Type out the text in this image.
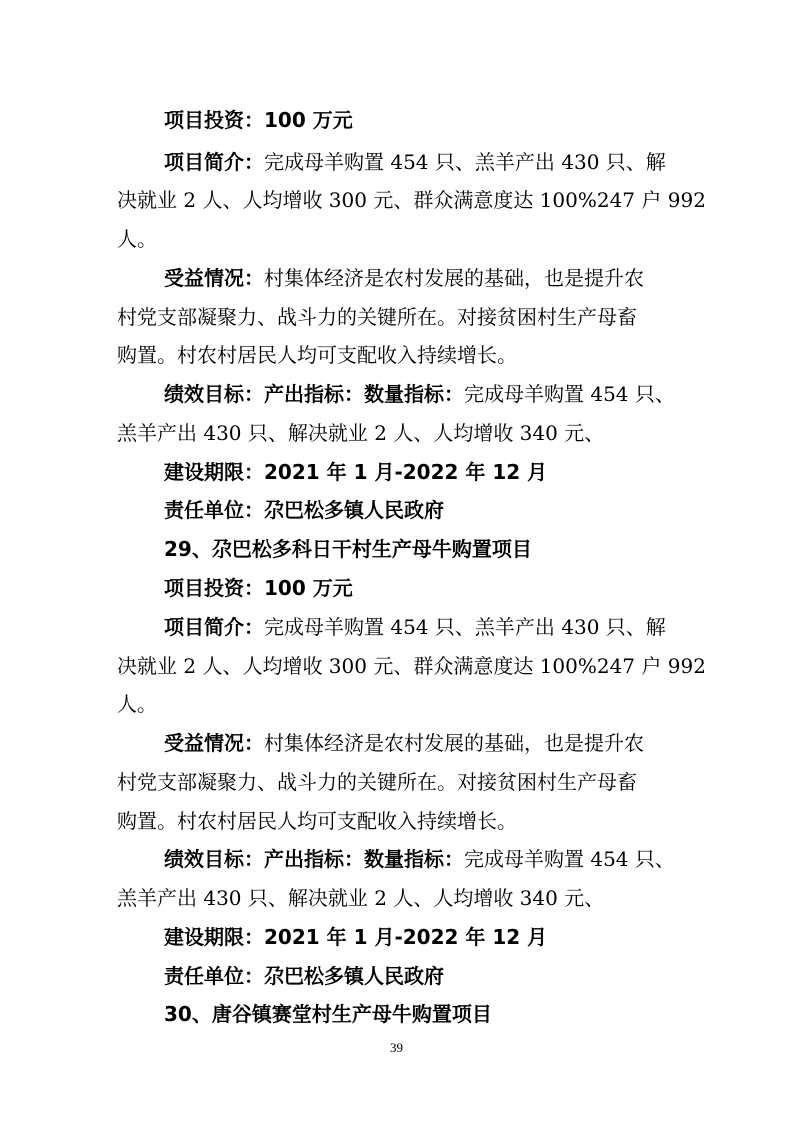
项目投资：100 万元
项目简介：完成母羊购置 454 只、羔羊产出 430 只、解
决就业 2 人、人均增收 300 元、群众满意度达 100%247 户 992
人。
受益情况：村集体经济是农村发展的基础，也是提升农
村党支部凝聚力、战斗力的关键所在。对接贫困村生产母畜
购置。村农村居民人均可支配收入持续增长。
绩效目标：产出指标：数量指标：完成母羊购置 454 只、
羔羊产出 430 只、解决就业 2 人、人均增收 340 元、
建设期限：2021 年 1 月-2022 年 12 月
责任单位：尕巴松多镇人民政府
29、尕巴松多科日干村生产母牛购置项目
项目投资：100 万元
项目简介：完成母羊购置 454 只、羔羊产出 430 只、解
决就业 2 人、人均增收 300 元、群众满意度达 100%247 户 992
人。
受益情况：村集体经济是农村发展的基础，也是提升农
村党支部凝聚力、战斗力的关键所在。对接贫困村生产母畜
购置。村农村居民人均可支配收入持续增长。
绩效目标：产出指标：数量指标：完成母羊购置 454 只、
羔羊产出 430 只、解决就业 2 人、人均增收 340 元、
建设期限：2021 年 1 月-2022 年 12 月
责任单位：尕巴松多镇人民政府
30、唐谷镇赛堂村生产母牛购置项目
39
